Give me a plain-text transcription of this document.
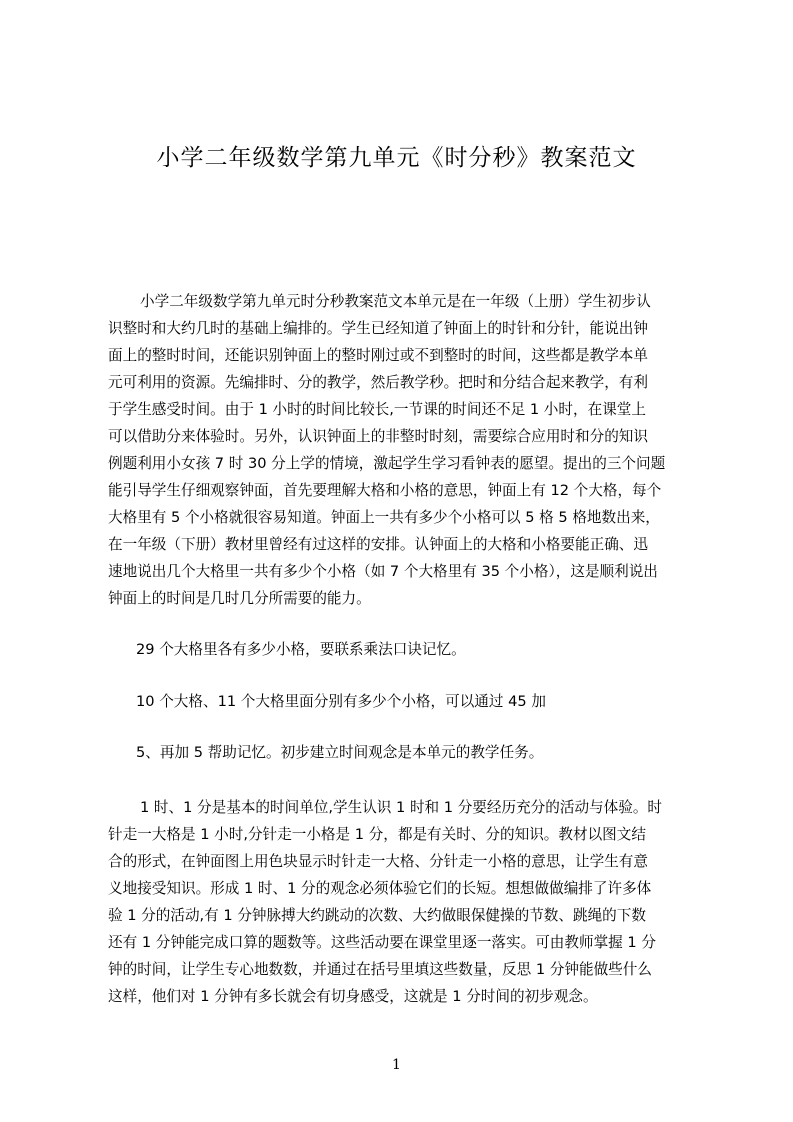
小学二年级数学第九单元《时分秒》教案范文

小学二年级数学第九单元时分秒教案范文本单元是在一年级（上册）学生初步认

识整时和大约几时的基础上编排的。学生已经知道了钟面上的时针和分针，能说出钟

面上的整时时间，还能识别钟面上的整时刚过或不到整时的时间，这些都是教学本单

元可利用的资源。先编排时、分的教学，然后教学秒。把时和分结合起来教学，有利

于学生感受时间。由于 1 小时的时间比较长,一节课的时间还不足 1 小时，在课堂上

可以借助分来体验时。另外，认识钟面上的非整时时刻，需要综合应用时和分的知识

例题利用小女孩 7 时 30 分上学的情境，激起学生学习看钟表的愿望。提出的三个问题

能引导学生仔细观察钟面，首先要理解大格和小格的意思，钟面上有 12 个大格，每个

大格里有 5 个小格就很容易知道。钟面上一共有多少个小格可以 5 格 5 格地数出来，

在一年级（下册）教材里曾经有过这样的安排。认钟面上的大格和小格要能正确、迅

速地说出几个大格里一共有多少个小格（如 7 个大格里有 35 个小格），这是顺利说出

钟面上的时间是几时几分所需要的能力。

29 个大格里各有多少小格，要联系乘法口诀记忆。

10 个大格、11 个大格里面分别有多少个小格，可以通过 45 加

5、再加 5 帮助记忆。初步建立时间观念是本单元的教学任务。

1 时、1 分是基本的时间单位,学生认识 1 时和 1 分要经历充分的活动与体验。时

针走一大格是 1 小时,分针走一小格是 1 分，都是有关时、分的知识。教材以图文结

合的形式，在钟面图上用色块显示时针走一大格、分针走一小格的意思，让学生有意

义地接受知识。形成 1 时、1 分的观念必须体验它们的长短。想想做做编排了许多体

验 1 分的活动,有 1 分钟脉搏大约跳动的次数、大约做眼保健操的节数、跳绳的下数

还有 1 分钟能完成口算的题数等。这些活动要在课堂里逐一落实。可由教师掌握 1 分

钟的时间，让学生专心地数数，并通过在括号里填这些数量，反思 1 分钟能做些什么

这样，他们对 1 分钟有多长就会有切身感受，这就是 1 分时间的初步观念。

1
